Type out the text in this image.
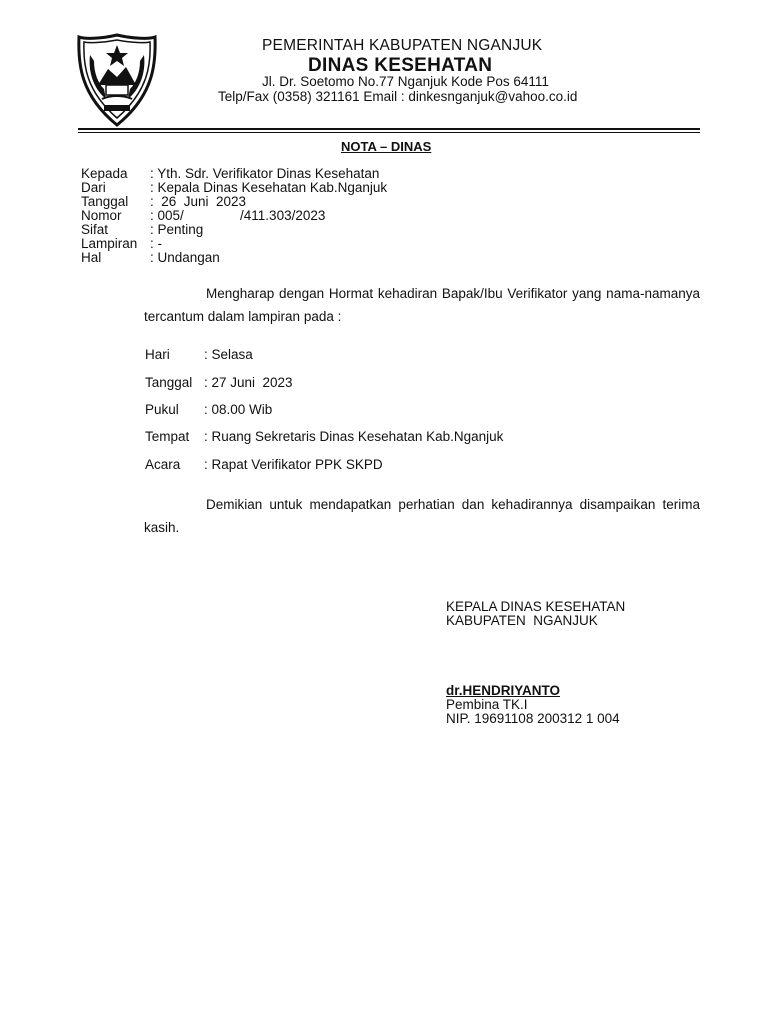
PEMERINTAH KABUPATEN NGANJUK
DINAS KESEHATAN
Jl. Dr. Soetomo No.77 Nganjuk Kode Pos 64111
Telp/Fax (0358) 321161 Email : dinkesnganjuk@vahoo.co.id
NOTA – DINAS
Kepada : Yth. Sdr. Verifikator Dinas Kesehatan
Dari	: Kepala Dinas Kesehatan Kab.Nganjuk
Tanggal :  26  Juni  2023
Nomor : 005/               /411.303/2023
Sifat	: Penting
Lampiran : -
Hal	: Undangan
Mengharap dengan Hormat kehadiran Bapak/Ibu Verifikator yang nama-namanya tercantum dalam lampiran pada :
Hari	: Selasa
Tanggal : 27 Juni  2023
Pukul : 08.00 Wib
Tempat : Ruang Sekretaris Dinas Kesehatan Kab.Nganjuk
Acara : Rapat Verifikator PPK SKPD
Demikian untuk mendapatkan perhatian dan kehadirannya disampaikan terima kasih.
KEPALA DINAS KESEHATAN
KABUPATEN  NGANJUK
dr.HENDRIYANTO
Pembina TK.I
NIP. 19691108 200312 1 004
